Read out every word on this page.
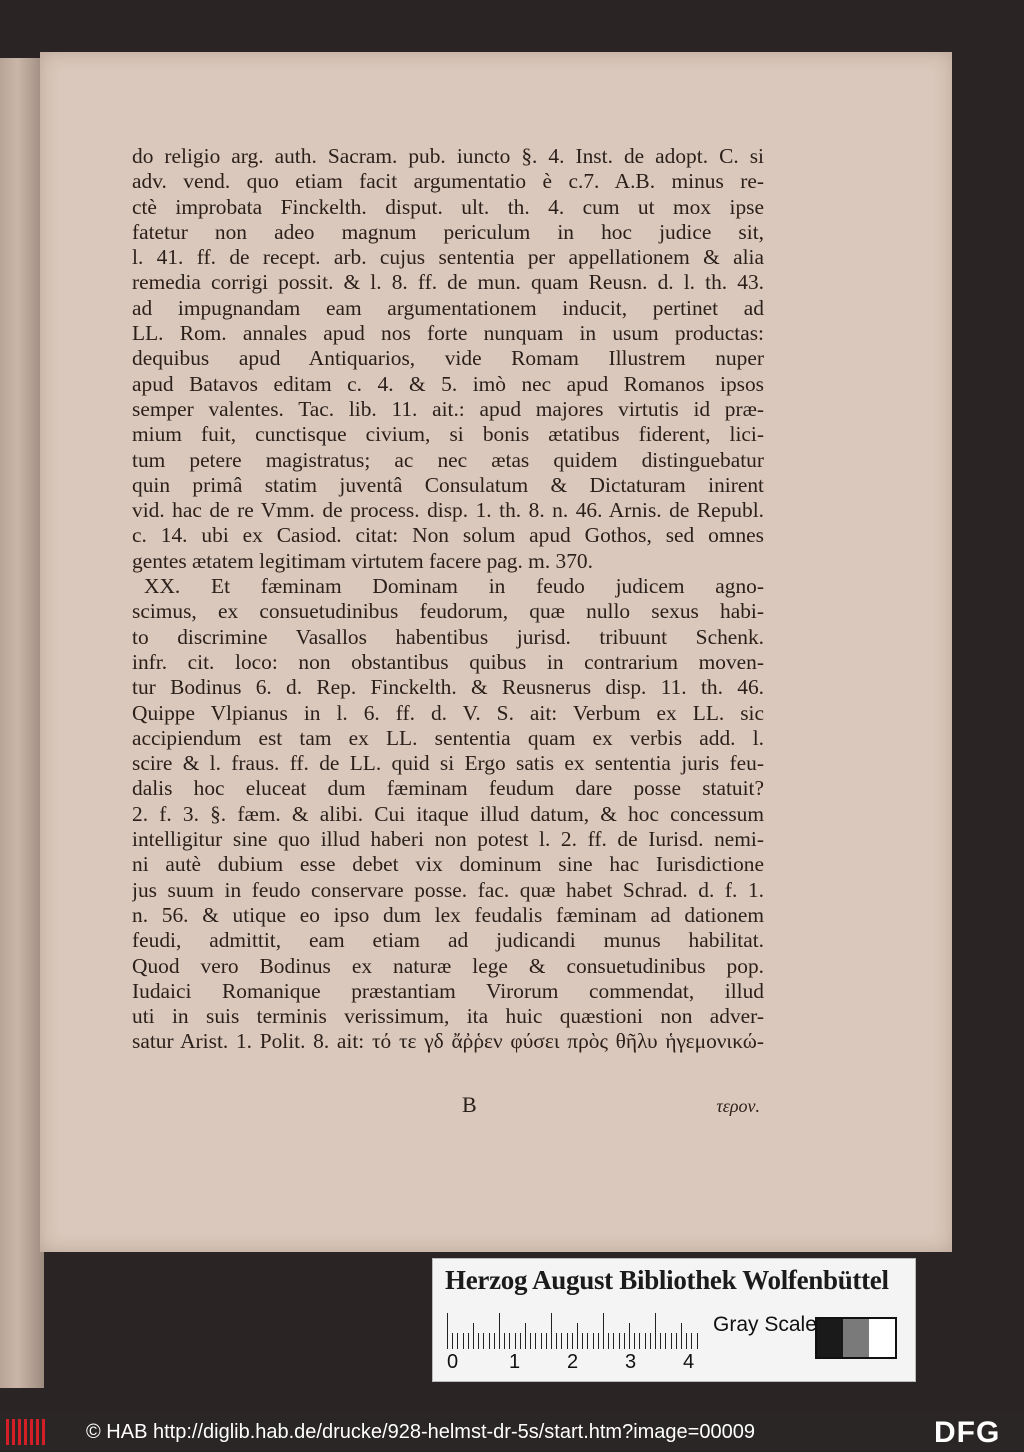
do religio arg. auth. Sacram. pub. iuncto §. 4. Inst. de adopt. C. si
adv. vend. quo etiam facit argumentatio è c.7. A.B. minus re-
ctè improbata Finckelth. disput. ult. th. 4. cum ut mox ipse
fatetur non adeo magnum periculum in hoc judice sit,
l. 41. ff. de recept. arb. cujus sententia per appellationem & alia
remedia corrigi possit. & l. 8. ff. de mun. quam Reusn. d. l. th. 43.
ad impugnandam eam argumentationem inducit, pertinet ad
LL. Rom. annales apud nos forte nunquam in usum productas:
dequibus apud Antiquarios, vide Romam Illustrem nuper
apud Batavos editam c. 4. & 5. imò nec apud Romanos ipsos
semper valentes. Tac. lib. 11. ait.: apud majores virtutis id præ-
mium fuit, cunctisque civium, si bonis ætatibus fiderent, lici-
tum petere magistratus; ac nec ætas quidem distinguebatur
quin primâ statim juventâ Consulatum & Dictaturam inirent
vid. hac de re Vmm. de process. disp. 1. th. 8. n. 46. Arnis. de Republ.
c. 14. ubi ex Casiod. citat: Non solum apud Gothos, sed omnes
gentes ætatem legitimam virtutem facere pag. m. 370.
XX. Et fæminam Dominam in feudo judicem agno-
scimus, ex consuetudinibus feudorum, quæ nullo sexus habi-
to discrimine Vasallos habentibus jurisd. tribuunt Schenk.
infr. cit. loco: non obstantibus quibus in contrarium moven-
tur Bodinus 6. d. Rep. Finckelth. & Reusnerus disp. 11. th. 46.
Quippe Vlpianus in l. 6. ff. d. V. S. ait: Verbum ex LL. sic
accipiendum est tam ex LL. sententia quam ex verbis add. l.
scire & l. fraus. ff. de LL. quid si Ergo satis ex sententia juris feu-
dalis hoc eluceat dum fæminam feudum dare posse statuit?
2. f. 3. §. fæm. & alibi. Cui itaque illud datum, & hoc concessum
intelligitur sine quo illud haberi non potest l. 2. ff. de Iurisd. nemi-
ni autè dubium esse debet vix dominum sine hac Iurisdictione
jus suum in feudo conservare posse. fac. quæ habet Schrad. d. f. 1.
n. 56. & utique eo ipso dum lex feudalis fæminam ad dationem
feudi, admittit, eam etiam ad judicandi munus habilitat.
Quod vero Bodinus ex naturæ lege & consuetudinibus pop.
Iudaici Romanique præstantiam Virorum commendat, illud
uti in suis terminis verissimum, ita huic quæstioni non adver-
satur Arist. 1. Polit. 8. ait: τό τε γδ ἄῤῥεν φύσει πρὸς θῆλυ ἡγεμονικώ-
B	τερον.
Herzog August Bibliothek Wolfenbüttel
0	1 2 3 4
Gray Scale
© HAB http://diglib.hab.de/drucke/928-helmst-dr-5s/start.htm?image=00009	DFG
